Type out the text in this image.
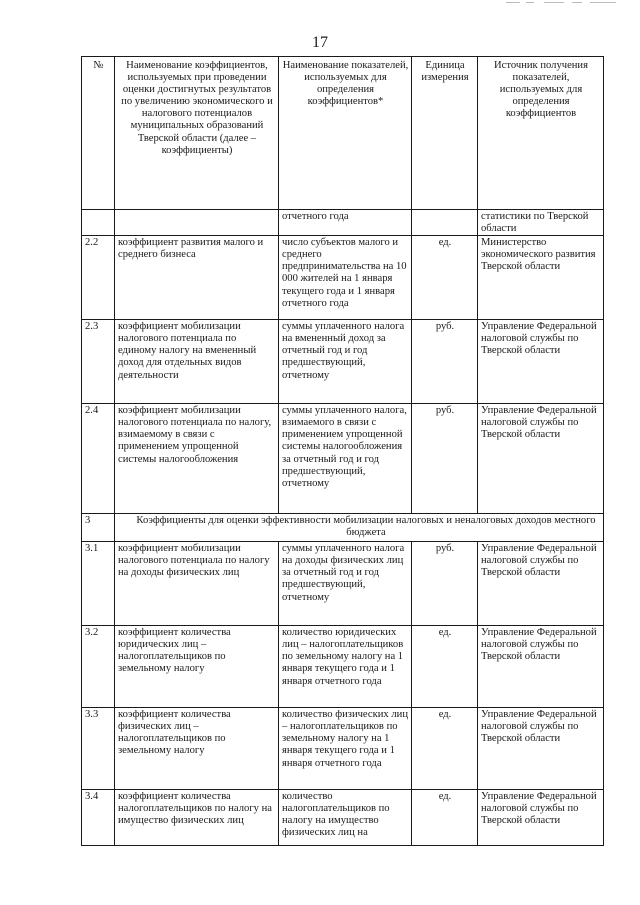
17
№	Наименование коэффициентов, используемых при проведении оценки достигнутых результатов по увеличению экономического и налогового потенциалов муниципальных образований Тверской области (далее – коэффициенты)	Наименование показателей, используемых для определения коэффициентов*	Единица измерения	Источник получения показателей, используемых для определения коэффициентов
		отчетного года		статистики по Тверской области
2.2	коэффициент развития малого и среднего бизнеса	число субъектов малого и среднего предпринимательства на 10 000 жителей на 1 января текущего года и 1 января отчетного года	ед.	Министерство экономического развития Тверской области
2.3	коэффициент мобилизации налогового потенциала по единому налогу на вмененный доход для отдельных видов деятельности	суммы уплаченного налога на вмененный доход за отчетный год и год предшествующий, отчетному	руб.	Управление Федеральной налоговой службы по Тверской области
2.4	коэффициент мобилизации налогового потенциала по налогу, взимаемому в связи с применением упрощенной системы налогообложения	суммы уплаченного налога, взимаемого в связи с применением упрощенной системы налогообложения за отчетный год и год предшествующий, отчетному	руб.	Управление Федеральной налоговой службы по Тверской области
3	Коэффициенты для оценки эффективности мобилизации налоговых и неналоговых доходов местного бюджета			
3.1	коэффициент мобилизации налогового потенциала по налогу на доходы физических лиц	суммы уплаченного налога на доходы физических лиц за отчетный год и год предшествующий, отчетному	руб.	Управление Федеральной налоговой службы по Тверской области
3.2	коэффициент количества юридических лиц – налогоплательщиков по земельному налогу	количество юридических лиц – налогоплательщиков по земельному налогу на 1 января текущего года и 1 января отчетного года	ед.	Управление Федеральной налоговой службы по Тверской области
3.3	коэффициент количества физических лиц – налогоплательщиков по земельному налогу	количество физических лиц – налогоплательщиков по земельному налогу на 1 января текущего года и 1 января отчетного года	ед.	Управление Федеральной налоговой службы по Тверской области
3.4	коэффициент количества налогоплательщиков по налогу на имущество физических лиц	количество налогоплательщиков по налогу на имущество физических лиц на	ед.	Управление Федеральной налоговой службы по Тверской области
